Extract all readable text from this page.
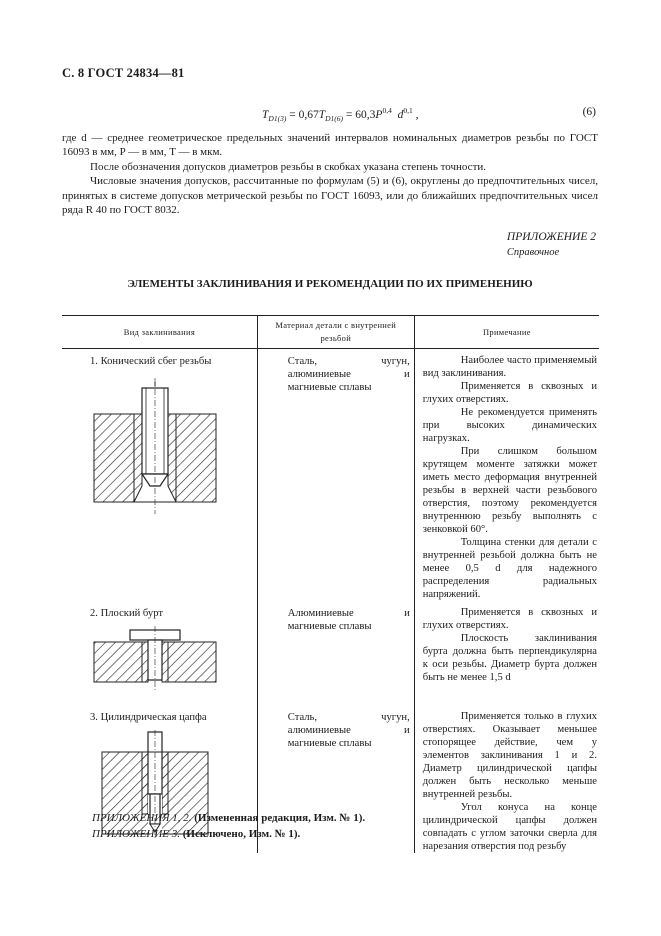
С. 8 ГОСТ 24834—81
$T_{D1(3)} = 0,67T_{D1(6)} = 60,3P^{0,4}$ $d^{0,1}$ ,	(6)

где d — среднее геометрическое предельных значений интервалов номинальных диаметров резьбы по ГОСТ 16093 в мм, P — в мм, T — в мкм.

После обозначения допусков диаметров резьбы в скобках указана степень точности.

Числовые значения допусков, рассчитанные по формулам (5) и (6), округлены до предпочтительных чисел, принятых в системе допусков метрической резьбы по ГОСТ 16093, или до ближайших предпочтительных чисел ряда R 40 по ГОСТ 8032.

ПРИЛОЖЕНИЕ 2
Справочное
ЭЛЕМЕНТЫ ЗАКЛИНИВАНИЯ И РЕКОМЕНДАЦИИ ПО ИХ ПРИМЕНЕНИЮ
Вид заклинивания	Материал детали с внутренней резьбой	Примечание

1. Конический сбег резьбы	Сталь, чугун, алюминиевые и магниевые сплавы	Наиболее часто применяемый вид заклинивания.

Применяется в сквозных и глухих отверстиях.

Не рекомендуется применять при высоких динамических нагрузках.

При слишком большом крутящем моменте затяжки может иметь место деформация внутренней резьбы в верхней части резьбового отверстия, поэтому рекомендуется внутреннюю резьбу выполнять с зенковкой 60°.

Толщина стенки для детали с внутренней резьбой должна быть не менее 0,5 d для надежного распределения радиальных напряжений.

2. Плоский бурт	Алюминиевые и магниевые сплавы	Применяется в сквозных и глухих отверстиях.

Плоскость заклинивания бурта должна быть перпендикулярна к оси резьбы. Диаметр бурта должен быть не менее 1,5 d

3. Цилиндрическая цапфа	Сталь, чугун, алюминиевые и магниевые сплавы	Применяется только в глухих отверстиях. Оказывает меньшее стопорящее действие, чем у элементов заклинивания 1 и 2. Диаметр цилиндрической цапфы должен быть несколько меньше внутренней резьбы.

Угол конуса на конце цилиндрической цапфы должен совпадать с углом заточки сверла для нарезания отверстия под резьбу

ПРИЛОЖЕНИЯ 1, 2. (Измененная редакция, Изм. № 1).
ПРИЛОЖЕНИЕ 3. (Исключено, Изм. № 1).
